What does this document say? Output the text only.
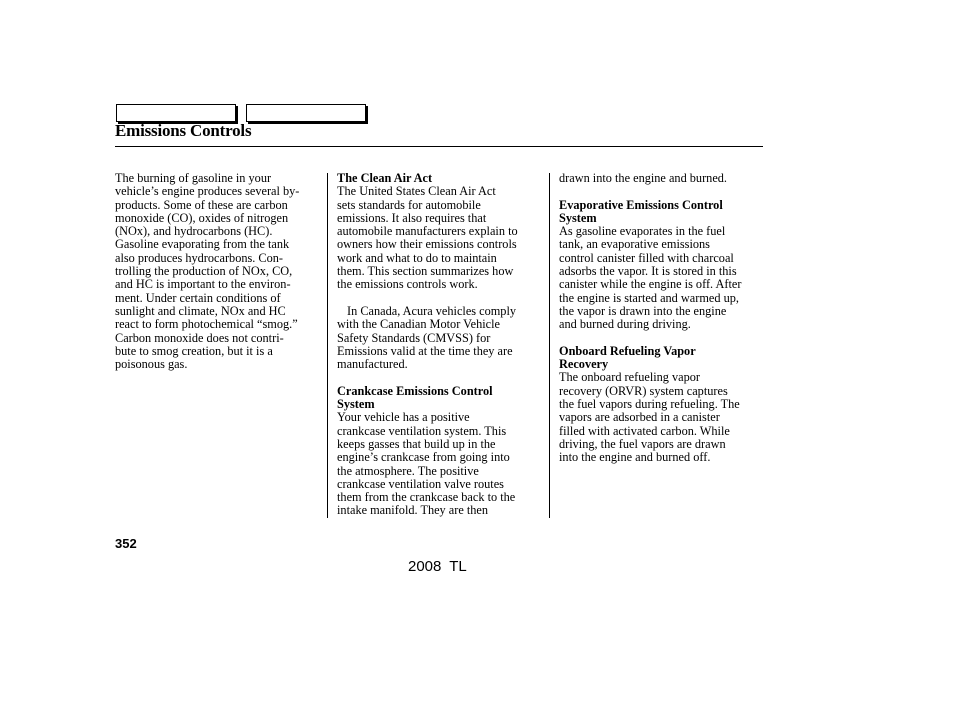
Emissions Controls

The burning of gasoline in your

vehicle’s engine produces several by-

products. Some of these are carbon

monoxide (CO), oxides of nitrogen

(NOx), and hydrocarbons (HC).

Gasoline evaporating from the tank

also produces hydrocarbons. Con-

trolling the production of NOx, CO,

and HC is important to the environ-

ment. Under certain conditions of

sunlight and climate, NOx and HC

react to form photochemical “smog.”

Carbon monoxide does not contri-

bute to smog creation, but it is a

poisonous gas.

The Clean Air Act

The United States Clean Air Act

sets standards for automobile

emissions. It also requires that

automobile manufacturers explain to

owners how their emissions controls

work and what to do to maintain

them. This section summarizes how

the emissions controls work.

In Canada, Acura vehicles comply

with the Canadian Motor Vehicle

Safety Standards (CMVSS) for

Emissions valid at the time they are

manufactured.

Crankcase Emissions Control

System

Your vehicle has a positive

crankcase ventilation system. This

keeps gasses that build up in the

engine’s crankcase from going into

the atmosphere. The positive

crankcase ventilation valve routes

them from the crankcase back to the

intake manifold. They are then

drawn into the engine and burned.

Evaporative Emissions Control

System

As gasoline evaporates in the fuel

tank, an evaporative emissions

control canister filled with charcoal

adsorbs the vapor. It is stored in this

canister while the engine is off. After

the engine is started and warmed up,

the vapor is drawn into the engine

and burned during driving.

Onboard Refueling Vapor

Recovery

The onboard refueling vapor

recovery (ORVR) system captures

the fuel vapors during refueling. The

vapors are adsorbed in a canister

filled with activated carbon. While

driving, the fuel vapors are drawn

into the engine and burned off.

352
2008 TL
